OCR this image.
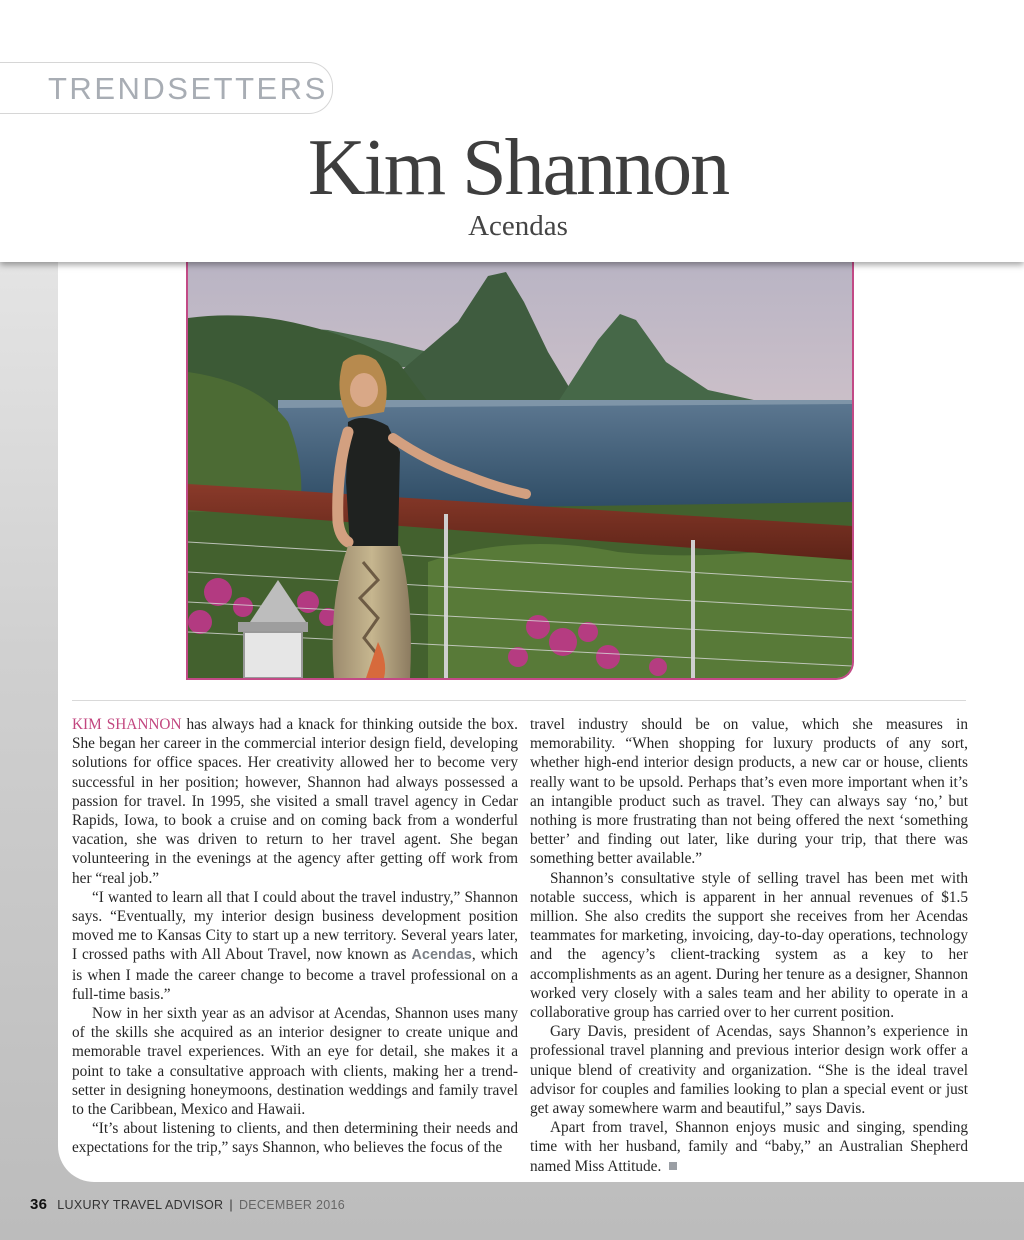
TRENDSETTERS
Kim Shannon
Acendas

KIM SHANNON has always had a knack for thinking outside the box. She began her career in the commercial interior design field, developing solutions for office spaces. Her creativity allowed her to become very successful in her position; however, Shannon had always possessed a passion for travel. In 1995, she visited a small travel agency in Cedar Rapids, Iowa, to book a cruise and on coming back from a wonderful vacation, she was driven to return to her travel agent. She began volunteering in the evenings at the agency after getting off work from her “real job.”

“I wanted to learn all that I could about the travel industry,” Shannon says. “Eventually, my interior design business development position moved me to Kansas City to start up a new territory. Several years later, I crossed paths with All About Travel, now known as Acendas, which is when I made the career change to become a travel professional on a full-time basis.”

Now in her sixth year as an advisor at Acendas, Shannon uses many of the skills she acquired as an interior designer to create unique and memorable travel experiences. With an eye for detail, she makes it a point to take a consultative approach with clients, making her a trend-setter in designing honeymoons, destination weddings and family travel to the Caribbean, Mexico and Hawaii.

“It’s about listening to clients, and then determining their needs and expectations for the trip,” says Shannon, who believes the focus of the

travel industry should be on value, which she measures in memorability. “When shopping for luxury products of any sort, whether high-end interior design products, a new car or house, clients really want to be upsold. Perhaps that’s even more important when it’s an intangible product such as travel. They can always say ‘no,’ but nothing is more frustrating than not being offered the next ‘something better’ and finding out later, like during your trip, that there was something better available.”

Shannon’s consultative style of selling travel has been met with notable success, which is apparent in her annual revenues of $1.5 million. She also credits the support she receives from her Acendas teammates for marketing, invoicing, day-to-day operations, technology and the agency’s client-tracking system as a key to her accomplishments as an agent. During her tenure as a designer, Shannon worked very closely with a sales team and her ability to operate in a collaborative group has carried over to her current position.

Gary Davis, president of Acendas, says Shannon’s experience in professional travel planning and previous interior design work offer a unique blend of creativity and organization. “She is the ideal travel advisor for couples and families looking to plan a special event or just get away somewhere warm and beautiful,” says Davis.

Apart from travel, Shannon enjoys music and singing, spending time with her husband, family and “baby,” an Australian Shepherd named Miss Attitude.

36 LUXURY TRAVEL ADVISOR | DECEMBER 2016
